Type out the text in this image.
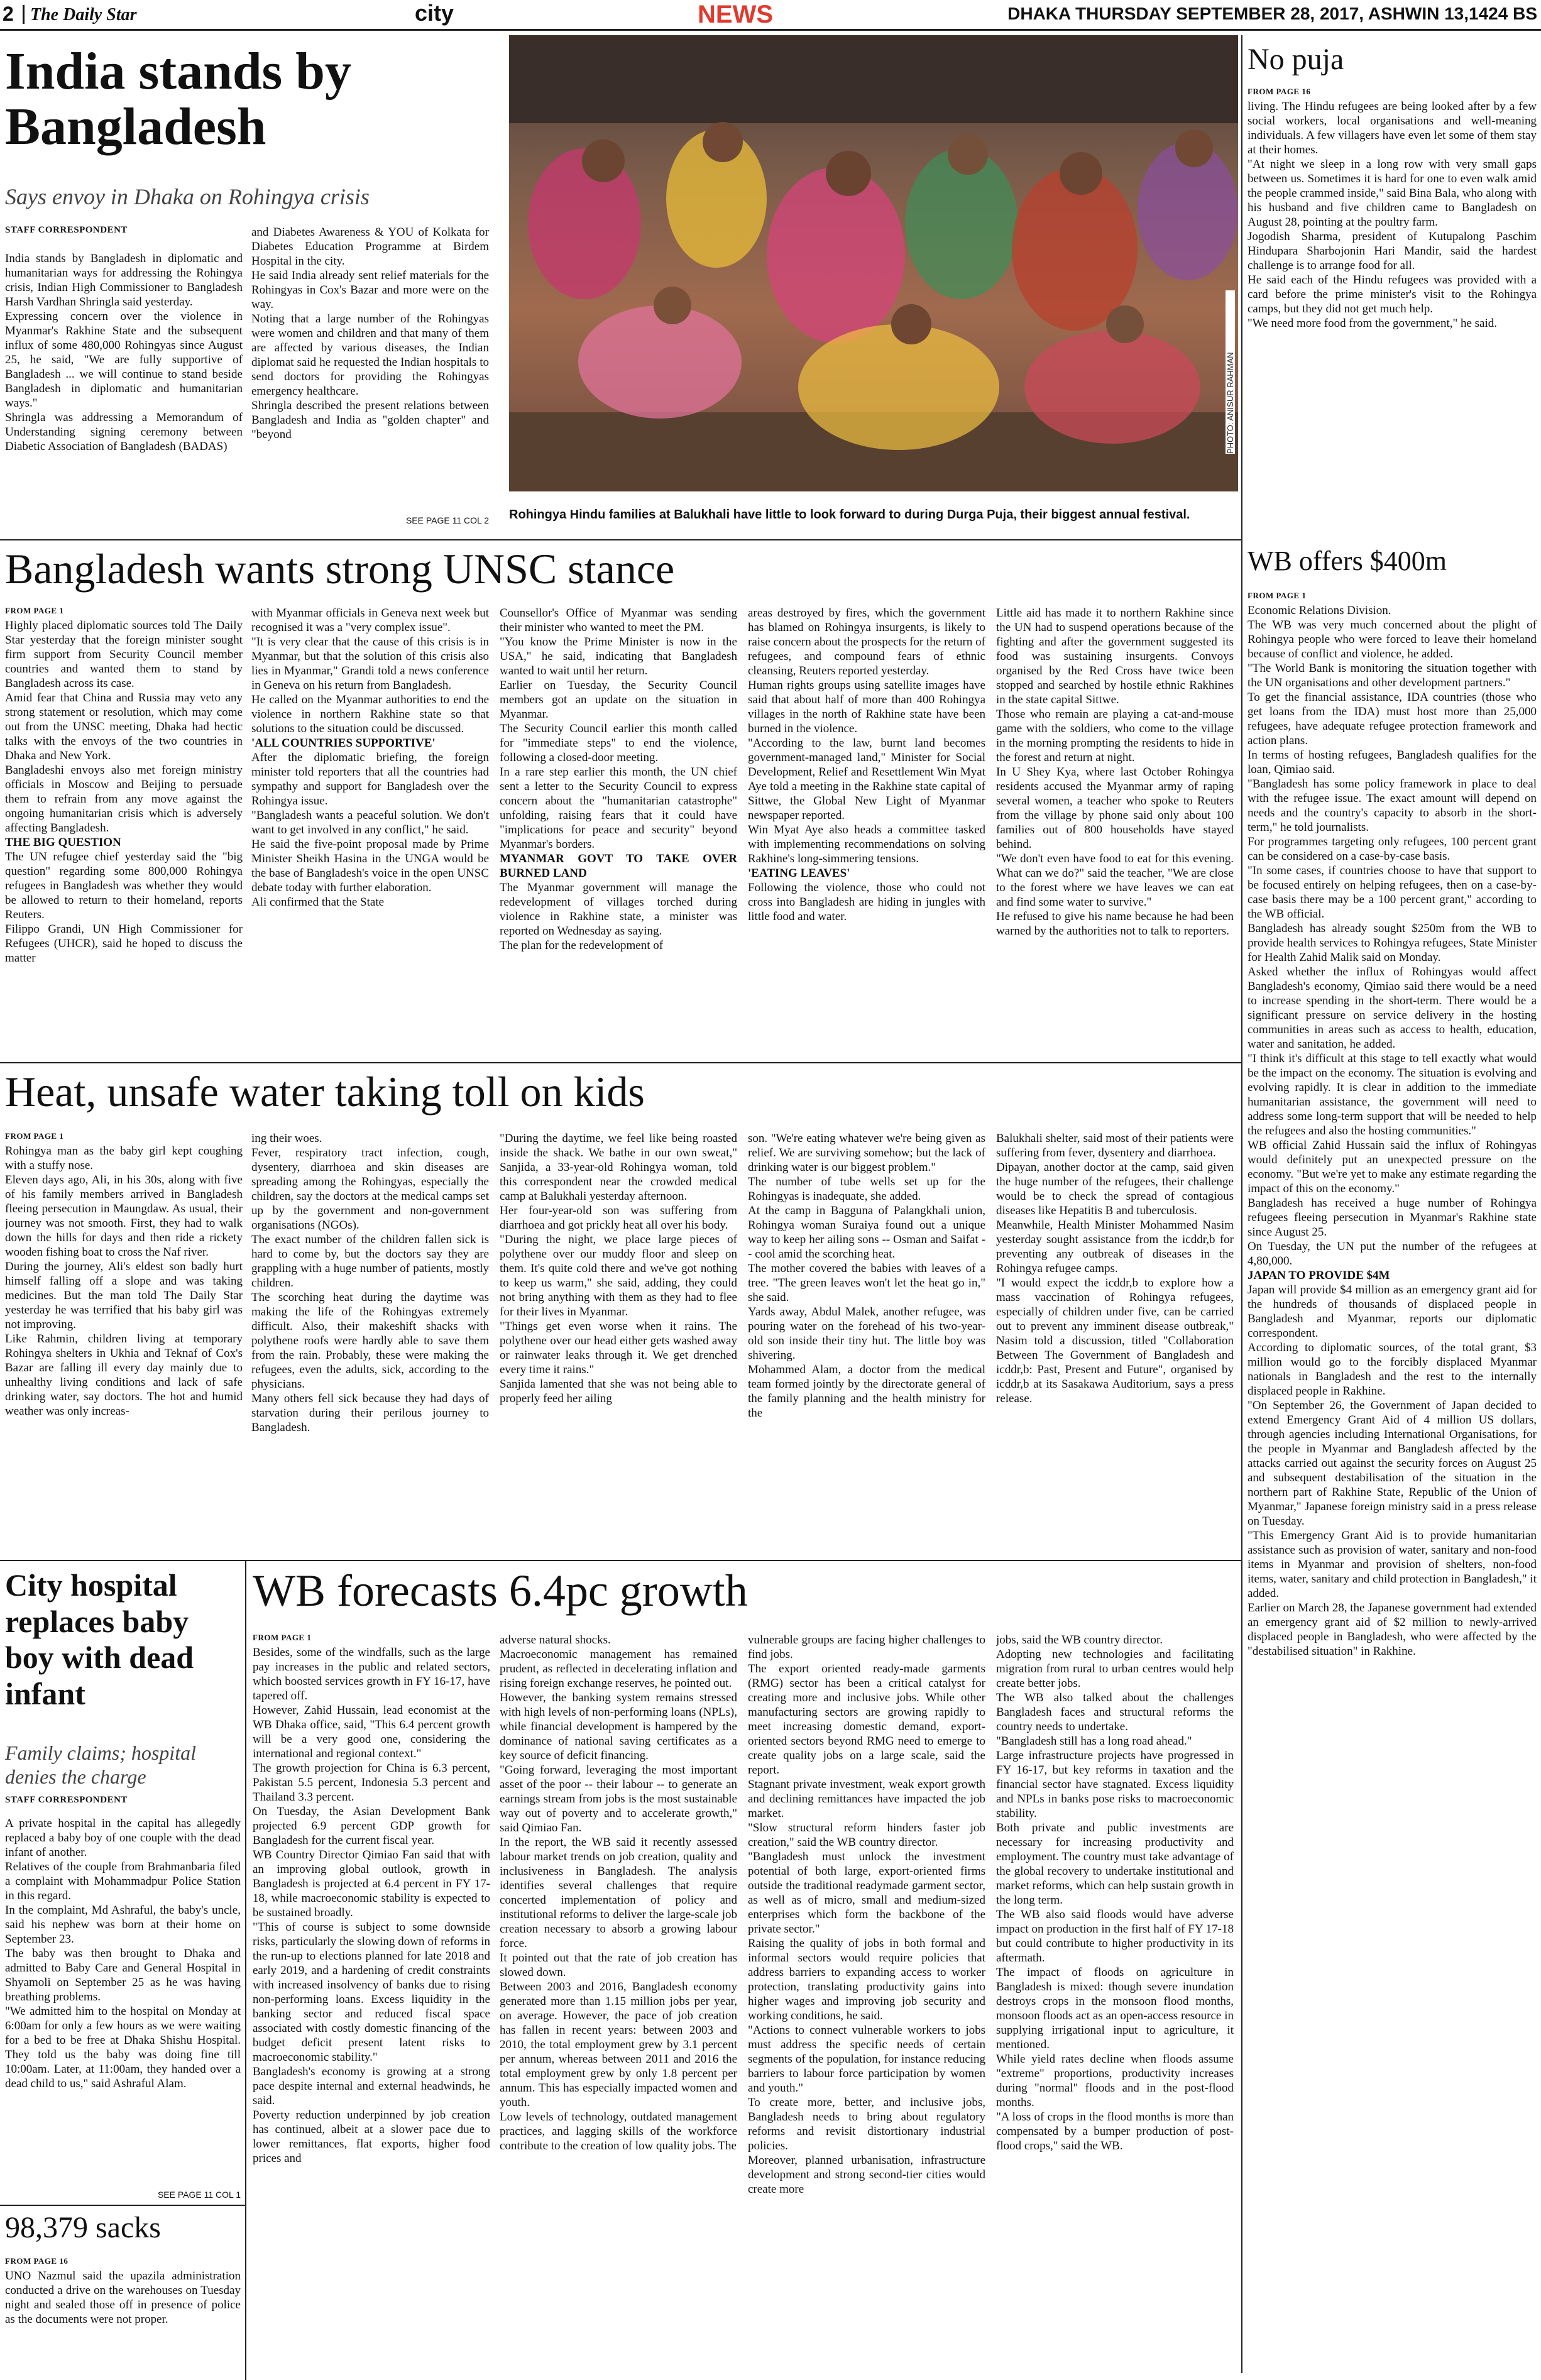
2 The Daily Star	city	NEWS	DHAKA THURSDAY SEPTEMBER 28, 2017, ASHWIN 13,1424 BS
India stands by Bangladesh
Says envoy in Dhaka on Rohingya crisis
STAFF CORRESPONDENT

India stands by Bangladesh in diplomatic and humanitarian ways for addressing the Rohingya crisis, Indian High Commissioner to Bangladesh Harsh Vardhan Shringla said yesterday.
Expressing concern over the violence in Myanmar's Rakhine State and the subsequent influx of some 480,000 Rohingyas since August 25, he said, "We are fully supportive of Bangladesh ... we will continue to stand beside Bangladesh in diplomatic and humanitarian ways."
Shringla was addressing a Memorandum of Understanding signing ceremony between Diabetic Association of Bangladesh (BADAS)

and Diabetes Awareness & YOU of Kolkata for Diabetes Education Programme at Birdem Hospital in the city.
He said India already sent relief materials for the Rohingyas in Cox's Bazar and more were on the way.
Noting that a large number of the Rohingyas were women and children and that many of them are affected by various diseases, the Indian diplomat said he requested the Indian hospitals to send doctors for providing the Rohingyas emergency healthcare.
Shringla described the present relations between Bangladesh and India as "golden chapter" and "beyond

SEE PAGE 11 COL 2
PHOTO: ANISUR RAHMAN
Rohingya Hindu families at Balukhali have little to look forward to during Durga Puja, their biggest annual festival.
No puja
FROM PAGE 16

living. The Hindu refugees are being looked after by a few social workers, local organisations and well-meaning individuals. A few villagers have even let some of them stay at their homes.
"At night we sleep in a long row with very small gaps between us. Sometimes it is hard for one to even walk amid the people crammed inside," said Bina Bala, who along with his husband and five children came to Bangladesh on August 28, pointing at the poultry farm.
Jogodish Sharma, president of Kutupalong Paschim Hindupara Sharbojonin Hari Mandir, said the hardest challenge is to arrange food for all.
He said each of the Hindu refugees was provided with a card before the prime minister's visit to the Rohingya camps, but they did not get much help.
"We need more food from the government," he said.

Bangladesh wants strong UNSC stance
FROM PAGE 1

Highly placed diplomatic sources told The Daily Star yesterday that the foreign minister sought firm support from Security Council member countries and wanted them to stand by Bangladesh across its case.
Amid fear that China and Russia may veto any strong statement or resolution, which may come out from the UNSC meeting, Dhaka had hectic talks with the envoys of the two countries in Dhaka and New York.
Bangladeshi envoys also met foreign ministry officials in Moscow and Beijing to persuade them to refrain from any move against the ongoing humanitarian crisis which is adversely affecting Bangladesh.

THE BIG QUESTION

The UN refugee chief yesterday said the "big question" regarding some 800,000 Rohingya refugees in Bangladesh was whether they would be allowed to return to their homeland, reports Reuters.
Filippo Grandi, UN High Commissioner for Refugees (UHCR), said he hoped to discuss the matter

with Myanmar officials in Geneva next week but recognised it was a "very complex issue".
"It is very clear that the cause of this crisis is in Myanmar, but that the solution of this crisis also lies in Myanmar," Grandi told a news conference in Geneva on his return from Bangladesh.
He called on the Myanmar authorities to end the violence in northern Rakhine state so that solutions to the situation could be discussed.

'ALL COUNTRIES SUPPORTIVE'

After the diplomatic briefing, the foreign minister told reporters that all the countries had sympathy and support for Bangladesh over the Rohingya issue.
"Bangladesh wants a peaceful solution. We don't want to get involved in any conflict," he said.
He said the five-point proposal made by Prime Minister Sheikh Hasina in the UNGA would be the base of Bangladesh's voice in the open UNSC debate today with further elaboration.
Ali confirmed that the State

Counsellor's Office of Myanmar was sending their minister who wanted to meet the PM.
"You know the Prime Minister is now in the USA," he said, indicating that Bangladesh wanted to wait until her return.
Earlier on Tuesday, the Security Council members got an update on the situation in Myanmar.
The Security Council earlier this month called for "immediate steps" to end the violence, following a closed-door meeting.
In a rare step earlier this month, the UN chief sent a letter to the Security Council to express concern about the "humanitarian catastrophe" unfolding, raising fears that it could have "implications for peace and security" beyond Myanmar's borders.

MYANMAR GOVT TO TAKE OVER BURNED LAND

The Myanmar government will manage the redevelopment of villages torched during violence in Rakhine state, a minister was reported on Wednesday as saying.
The plan for the redevelopment of

areas destroyed by fires, which the government has blamed on Rohingya insurgents, is likely to raise concern about the prospects for the return of refugees, and compound fears of ethnic cleansing, Reuters reported yesterday.
Human rights groups using satellite images have said that about half of more than 400 Rohingya villages in the north of Rakhine state have been burned in the violence.
"According to the law, burnt land becomes government-managed land," Minister for Social Development, Relief and Resettlement Win Myat Aye told a meeting in the Rakhine state capital of Sittwe, the Global New Light of Myanmar newspaper reported.
Win Myat Aye also heads a committee tasked with implementing recommendations on solving Rakhine's long-simmering tensions.

'EATING LEAVES'

Following the violence, those who could not cross into Bangladesh are hiding in jungles with little food and water.

Little aid has made it to northern Rakhine since the UN had to suspend operations because of the fighting and after the government suggested its food was sustaining insurgents. Convoys organised by the Red Cross have twice been stopped and searched by hostile ethnic Rakhines in the state capital Sittwe.
Those who remain are playing a cat-and-mouse game with the soldiers, who come to the village in the morning prompting the residents to hide in the forest and return at night.
In U Shey Kya, where last October Rohingya residents accused the Myanmar army of raping several women, a teacher who spoke to Reuters from the village by phone said only about 100 families out of 800 households have stayed behind.
"We don't even have food to eat for this evening. What can we do?" said the teacher, "We are close to the forest where we have leaves we can eat and find some water to survive."
He refused to give his name because he had been warned by the authorities not to talk to reporters.

WB offers $400m
FROM PAGE 1

Economic Relations Division.
The WB was very much concerned about the plight of Rohingya people who were forced to leave their homeland because of conflict and violence, he added.
"The World Bank is monitoring the situation together with the UN organisations and other development partners."
To get the financial assistance, IDA countries (those who get loans from the IDA) must host more than 25,000 refugees, have adequate refugee protection framework and action plans.
In terms of hosting refugees, Bangladesh qualifies for the loan, Qimiao said.
"Bangladesh has some policy framework in place to deal with the refugee issue. The exact amount will depend on needs and the country's capacity to absorb in the short-term," he told journalists.
For programmes targeting only refugees, 100 percent grant can be considered on a case-by-case basis.
"In some cases, if countries choose to have that support to be focused entirely on helping refugees, then on a case-by-case basis there may be a 100 percent grant," according to the WB official.
Bangladesh has already sought $250m from the WB to provide health services to Rohingya refugees, State Minister for Health Zahid Malik said on Monday.
Asked whether the influx of Rohingyas would affect Bangladesh's economy, Qimiao said there would be a need to increase spending in the short-term. There would be a significant pressure on service delivery in the hosting communities in areas such as access to health, education, water and sanitation, he added.
"I think it's difficult at this stage to tell exactly what would be the impact on the economy. The situation is evolving and evolving rapidly. It is clear in addition to the immediate humanitarian assistance, the government will need to address some long-term support that will be needed to help the refugees and also the hosting communities."
WB official Zahid Hussain said the influx of Rohingyas would definitely put an unexpected pressure on the economy. "But we're yet to make any estimate regarding the impact of this on the economy."
Bangladesh has received a huge number of Rohingya refugees fleeing persecution in Myanmar's Rakhine state since August 25.
On Tuesday, the UN put the number of the refugees at 4,80,000.

JAPAN TO PROVIDE $4M

Japan will provide $4 million as an emergency grant aid for the hundreds of thousands of displaced people in Bangladesh and Myanmar, reports our diplomatic correspondent.
According to diplomatic sources, of the total grant, $3 million would go to the forcibly displaced Myanmar nationals in Bangladesh and the rest to the internally displaced people in Rakhine.
"On September 26, the Government of Japan decided to extend Emergency Grant Aid of 4 million US dollars, through agencies including International Organisations, for the people in Myanmar and Bangladesh affected by the attacks carried out against the security forces on August 25 and subsequent destabilisation of the situation in the northern part of Rakhine State, Republic of the Union of Myanmar," Japanese foreign ministry said in a press release on Tuesday.
"This Emergency Grant Aid is to provide humanitarian assistance such as provision of water, sanitary and non-food items in Myanmar and provision of shelters, non-food items, water, sanitary and child protection in Bangladesh," it added.
Earlier on March 28, the Japanese government had extended an emergency grant aid of $2 million to newly-arrived displaced people in Bangladesh, who were affected by the "destabilised situation" in Rakhine.

Heat, unsafe water taking toll on kids
FROM PAGE 1

Rohingya man as the baby girl kept coughing with a stuffy nose.
Eleven days ago, Ali, in his 30s, along with five of his family members arrived in Bangladesh fleeing persecution in Maungdaw. As usual, their journey was not smooth. First, they had to walk down the hills for days and then ride a rickety wooden fishing boat to cross the Naf river.
During the journey, Ali's eldest son badly hurt himself falling off a slope and was taking medicines. But the man told The Daily Star yesterday he was terrified that his baby girl was not improving.
Like Rahmin, children living at temporary Rohingya shelters in Ukhia and Teknaf of Cox's Bazar are falling ill every day mainly due to unhealthy living conditions and lack of safe drinking water, say doctors. The hot and humid weather was only increas-

ing their woes.
Fever, respiratory tract infection, cough, dysentery, diarrhoea and skin diseases are spreading among the Rohingyas, especially the children, say the doctors at the medical camps set up by the government and non-government organisations (NGOs).
The exact number of the children fallen sick is hard to come by, but the doctors say they are grappling with a huge number of patients, mostly children.
The scorching heat during the daytime was making the life of the Rohingyas extremely difficult. Also, their makeshift shacks with polythene roofs were hardly able to save them from the rain. Probably, these were making the refugees, even the adults, sick, according to the physicians.
Many others fell sick because they had days of starvation during their perilous journey to Bangladesh.

"During the daytime, we feel like being roasted inside the shack. We bathe in our own sweat," Sanjida, a 33-year-old Rohingya woman, told this correspondent near the crowded medical camp at Balukhali yesterday afternoon.
Her four-year-old son was suffering from diarrhoea and got prickly heat all over his body.
"During the night, we place large pieces of polythene over our muddy floor and sleep on them. It's quite cold there and we've got nothing to keep us warm," she said, adding, they could not bring anything with them as they had to flee for their lives in Myanmar.
"Things get even worse when it rains. The polythene over our head either gets washed away or rainwater leaks through it. We get drenched every time it rains."
Sanjida lamented that she was not being able to properly feed her ailing

son. "We're eating whatever we're being given as relief. We are surviving somehow; but the lack of drinking water is our biggest problem."
The number of tube wells set up for the Rohingyas is inadequate, she added.
At the camp in Bagguna of Palangkhali union, Rohingya woman Suraiya found out a unique way to keep her ailing sons -- Osman and Saifat -- cool amid the scorching heat.
The mother covered the babies with leaves of a tree. "The green leaves won't let the heat go in," she said.
Yards away, Abdul Malek, another refugee, was pouring water on the forehead of his two-year-old son inside their tiny hut. The little boy was shivering.
Mohammed Alam, a doctor from the medical team formed jointly by the directorate general of the family planning and the health ministry for the

Balukhali shelter, said most of their patients were suffering from fever, dysentery and diarrhoea.
Dipayan, another doctor at the camp, said given the huge number of the refugees, their challenge would be to check the spread of contagious diseases like Hepatitis B and tuberculosis.
Meanwhile, Health Minister Mohammed Nasim yesterday sought assistance from the icddr,b for preventing any outbreak of diseases in the Rohingya refugee camps.
"I would expect the icddr,b to explore how a mass vaccination of Rohingya refugees, especially of children under five, can be carried out to prevent any imminent disease outbreak," Nasim told a discussion, titled "Collaboration Between The Government of Bangladesh and icddr,b: Past, Present and Future", organised by icddr,b at its Sasakawa Auditorium, says a press release.

City hospital replaces baby boy with dead infant
Family claims; hospital denies the charge
STAFF CORRESPONDENT

A private hospital in the capital has allegedly replaced a baby boy of one couple with the dead infant of another.
Relatives of the couple from Brahmanbaria filed a complaint with Mohammadpur Police Station in this regard.
In the complaint, Md Ashraful, the baby's uncle, said his nephew was born at their home on September 23.
The baby was then brought to Dhaka and admitted to Baby Care and General Hospital in Shyamoli on September 25 as he was having breathing problems.
"We admitted him to the hospital on Monday at 6:00am for only a few hours as we were waiting for a bed to be free at Dhaka Shishu Hospital. They told us the baby was doing fine till 10:00am. Later, at 11:00am, they handed over a dead child to us," said Ashraful Alam.

SEE PAGE 11 COL 1
98,379 sacks
FROM PAGE 16

UNO Nazmul said the upazila administration conducted a drive on the warehouses on Tuesday night and sealed those off in presence of police as the documents were not proper.

WB forecasts 6.4pc growth
FROM PAGE 1

Besides, some of the windfalls, such as the large pay increases in the public and related sectors, which boosted services growth in FY 16-17, have tapered off.
However, Zahid Hussain, lead economist at the WB Dhaka office, said, "This 6.4 percent growth will be a very good one, considering the international and regional context."
The growth projection for China is 6.3 percent, Pakistan 5.5 percent, Indonesia 5.3 percent and Thailand 3.3 percent.
On Tuesday, the Asian Development Bank projected 6.9 percent GDP growth for Bangladesh for the current fiscal year.
WB Country Director Qimiao Fan said that with an improving global outlook, growth in Bangladesh is projected at 6.4 percent in FY 17-18, while macroeconomic stability is expected to be sustained broadly.
"This of course is subject to some downside risks, particularly the slowing down of reforms in the run-up to elections planned for late 2018 and early 2019, and a hardening of credit constraints with increased insolvency of banks due to rising non-performing loans. Excess liquidity in the banking sector and reduced fiscal space associated with costly domestic financing of the budget deficit present latent risks to macroeconomic stability."
Bangladesh's economy is growing at a strong pace despite internal and external headwinds, he said.
Poverty reduction underpinned by job creation has continued, albeit at a slower pace due to lower remittances, flat exports, higher food prices and

adverse natural shocks.
Macroeconomic management has remained prudent, as reflected in decelerating inflation and rising foreign exchange reserves, he pointed out.
However, the banking system remains stressed with high levels of non-performing loans (NPLs), while financial development is hampered by the dominance of national saving certificates as a key source of deficit financing.
"Going forward, leveraging the most important asset of the poor -- their labour -- to generate an earnings stream from jobs is the most sustainable way out of poverty and to accelerate growth," said Qimiao Fan.
In the report, the WB said it recently assessed labour market trends on job creation, quality and inclusiveness in Bangladesh. The analysis identifies several challenges that require concerted implementation of policy and institutional reforms to deliver the large-scale job creation necessary to absorb a growing labour force.
It pointed out that the rate of job creation has slowed down.
Between 2003 and 2016, Bangladesh economy generated more than 1.15 million jobs per year, on average. However, the pace of job creation has fallen in recent years: between 2003 and 2010, the total employment grew by 3.1 percent per annum, whereas between 2011 and 2016 the total employment grew by only 1.8 percent per annum. This has especially impacted women and youth.
Low levels of technology, outdated management practices, and lagging skills of the workforce contribute to the creation of low quality jobs. The

vulnerable groups are facing higher challenges to find jobs.
The export oriented ready-made garments (RMG) sector has been a critical catalyst for creating more and inclusive jobs. While other manufacturing sectors are growing rapidly to meet increasing domestic demand, export-oriented sectors beyond RMG need to emerge to create quality jobs on a large scale, said the report.
Stagnant private investment, weak export growth and declining remittances have impacted the job market.
"Slow structural reform hinders faster job creation," said the WB country director.
"Bangladesh must unlock the investment potential of both large, export-oriented firms outside the traditional readymade garment sector, as well as of micro, small and medium-sized enterprises which form the backbone of the private sector."
Raising the quality of jobs in both formal and informal sectors would require policies that address barriers to expanding access to worker protection, translating productivity gains into higher wages and improving job security and working conditions, he said.
"Actions to connect vulnerable workers to jobs must address the specific needs of certain segments of the population, for instance reducing barriers to labour force participation by women and youth."
To create more, better, and inclusive jobs, Bangladesh needs to bring about regulatory reforms and revisit distortionary industrial policies.
Moreover, planned urbanisation, infrastructure development and strong second-tier cities would create more

jobs, said the WB country director.
Adopting new technologies and facilitating migration from rural to urban centres would help create better jobs.
The WB also talked about the challenges Bangladesh faces and structural reforms the country needs to undertake.
"Bangladesh still has a long road ahead."
Large infrastructure projects have progressed in FY 16-17, but key reforms in taxation and the financial sector have stagnated. Excess liquidity and NPLs in banks pose risks to macroeconomic stability.
Both private and public investments are necessary for increasing productivity and employment. The country must take advantage of the global recovery to undertake institutional and market reforms, which can help sustain growth in the long term.
The WB also said floods would have adverse impact on production in the first half of FY 17-18 but could contribute to higher productivity in its aftermath.
The impact of floods on agriculture in Bangladesh is mixed: though severe inundation destroys crops in the monsoon flood months, monsoon floods act as an open-access resource in supplying irrigational input to agriculture, it mentioned.
While yield rates decline when floods assume "extreme" proportions, productivity increases during "normal" floods and in the post-flood months.
"A loss of crops in the flood months is more than compensated by a bumper production of post-flood crops," said the WB.
